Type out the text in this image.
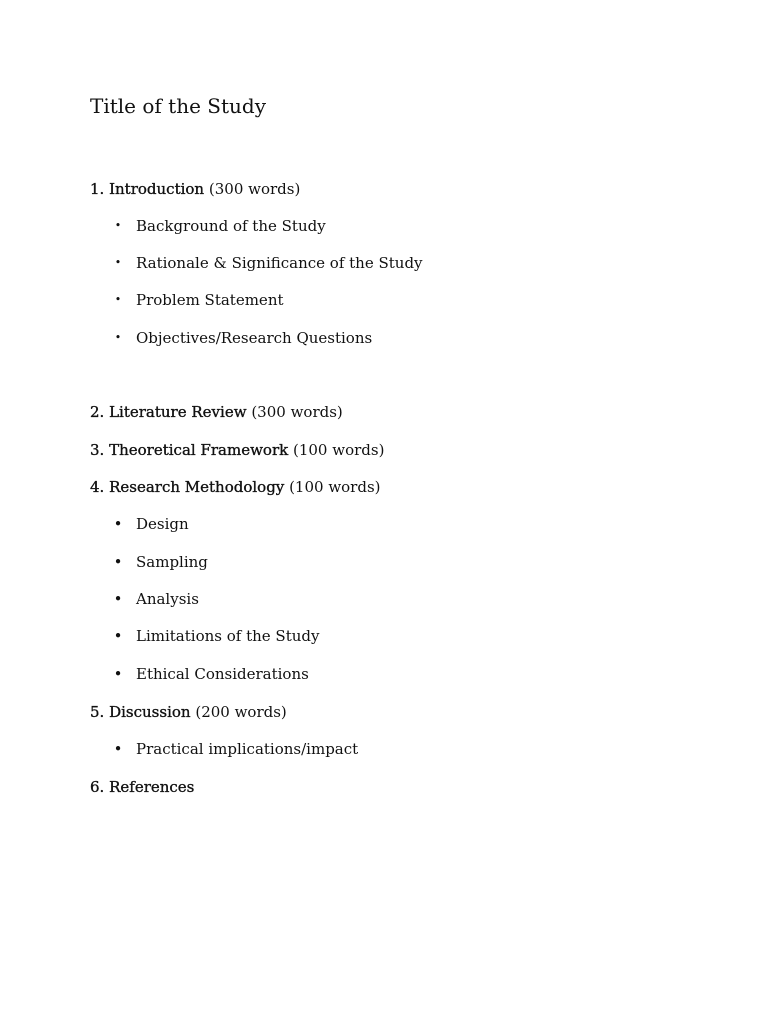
Title of the Study
1. Introduction (300 words)
• Background of the Study
• Rationale & Significance of the Study
• Problem Statement
• Objectives/Research Questions
2. Literature Review (300 words)
3. Theoretical Framework (100 words)
4. Research Methodology (100 words)
• Design
• Sampling
• Analysis
• Limitations of the Study
• Ethical Considerations
5. Discussion (200 words)
• Practical implications/impact
6. References
